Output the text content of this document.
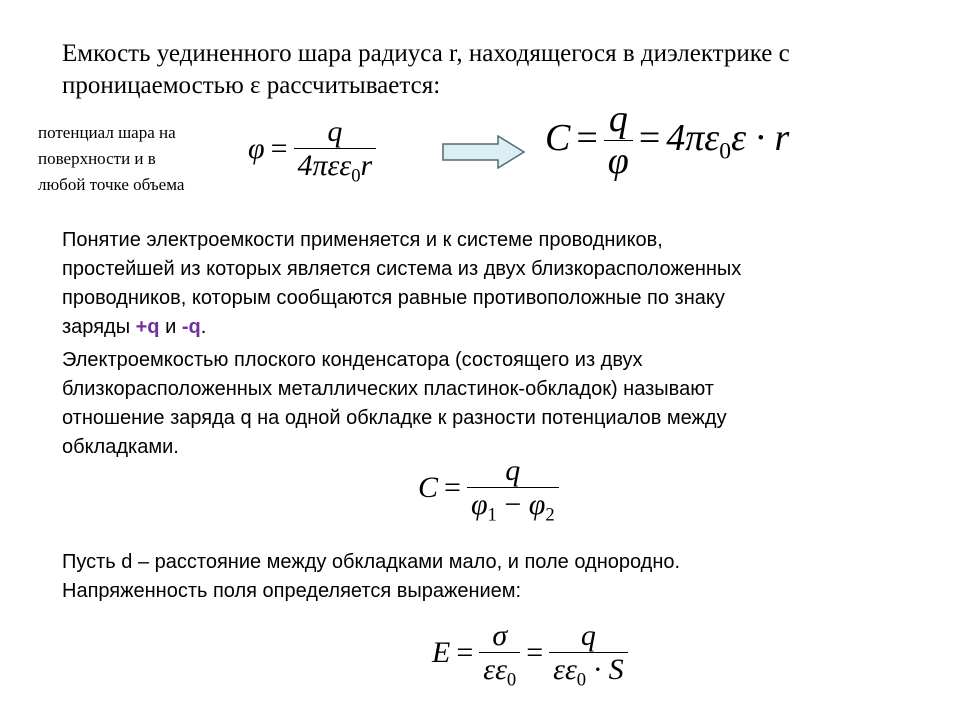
Емкость уединенного шара радиуса r, находящегося в диэлектрике с

проницаемостью ε рассчитывается:

потенциал шара на

поверхности и в

любой точке объема

$\varphi = \frac{q}{4\pi\varepsilon\varepsilon_0r}$	$C = \frac{q}{\varphi} = 4\pi\varepsilon_0\varepsilon \cdot r$

Понятие электроемкости применяется и к системе проводников,

простейшей из которых является система из двух близкорасположенных

проводников, которым сообщаются равные противоположные по знаку

заряды +q и -q.

Электроемкостью плоского конденсатора (состоящего из двух

близкорасположенных металлических пластинок-обкладок) называют

отношение заряда q на одной обкладке к разности потенциалов между

обкладками.

$C = \frac{q}{\varphi_1 - \varphi_2}$

Пусть d – расстояние между обкладками мало, и поле однородно.

Напряженность поля определяется выражением:

$E = \frac{\sigma}{\varepsilon\varepsilon_0} = \frac{q}{\varepsilon\varepsilon_0 \cdot S}$
